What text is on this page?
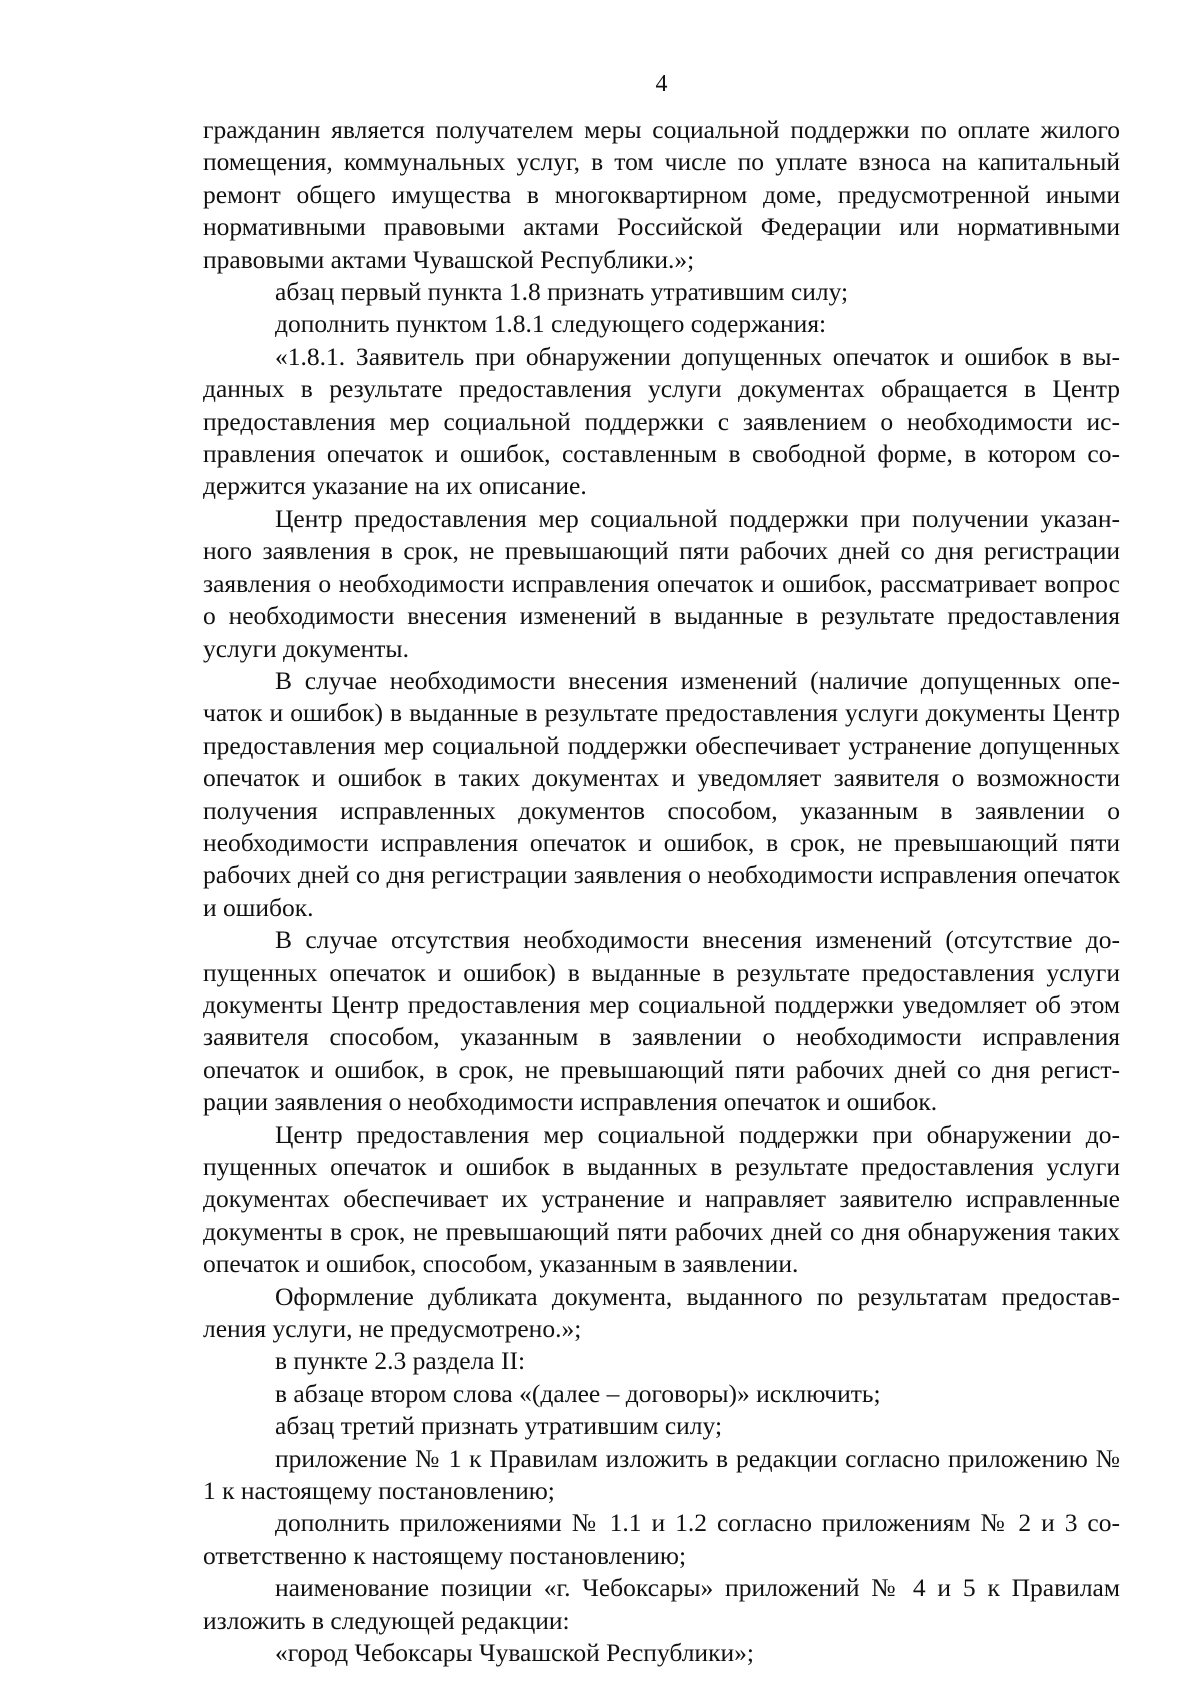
4

гражданин является получателем меры социальной поддержки по оплате жилого помещения, коммунальных услуг, в том числе по уплате взноса на капитальный ремонт общего имущества в многоквартирном доме, предусмотренной иными нормативными правовыми актами Российской Федерации или нормативными правовыми актами Чувашской Республики.»;

абзац первый пункта 1.8 признать утратившим силу;

дополнить пунктом 1.8.1 следующего содержания:

«1.8.1. Заявитель при обнаружении допущенных опечаток и ошибок в выданных в результате предоставления услуги документах обращается в Центр предоставления мер социальной поддержки с заявлением о необходимости исправления опечаток и ошибок, составленным в свободной форме, в котором содержится указание на их описание.

Центр предоставления мер социальной поддержки при получении указанного заявления в срок, не превышающий пяти рабочих дней со дня регистрации заявления о необходимости исправления опечаток и ошибок, рассматривает вопрос о необходимости внесения изменений в выданные в результате предоставления услуги документы.

В случае необходимости внесения изменений (наличие допущенных опечаток и ошибок) в выданные в результате предоставления услуги документы Центр предоставления мер социальной поддержки обеспечивает устранение допущенных опечаток и ошибок в таких документах и уведомляет заявителя о возможности получения исправленных документов способом, указанным в заявлении о необходимости исправления опечаток и ошибок, в срок, не превышающий пяти рабочих дней со дня регистрации заявления о необходимости исправления опечаток и ошибок.

В случае отсутствия необходимости внесения изменений (отсутствие допущенных опечаток и ошибок) в выданные в результате предоставления услуги документы Центр предоставления мер социальной поддержки уведомляет об этом заявителя способом, указанным в заявлении о необходимости исправления опечаток и ошибок, в срок, не превышающий пяти рабочих дней со дня регистрации заявления о необходимости исправления опечаток и ошибок.

Центр предоставления мер социальной поддержки при обнаружении допущенных опечаток и ошибок в выданных в результате предоставления услуги документах обеспечивает их устранение и направляет заявителю исправленные документы в срок, не превышающий пяти рабочих дней со дня обнаружения таких опечаток и ошибок, способом, указанным в заявлении.

Оформление дубликата документа, выданного по результатам предоставления услуги, не предусмотрено.»;

в пункте 2.3 раздела II:

в абзаце втором слова «(далее – договоры)» исключить;

абзац третий признать утратившим силу;

приложение № 1 к Правилам изложить в редакции согласно приложению № 1 к настоящему постановлению;

дополнить приложениями № 1.1 и 1.2 согласно приложениям № 2 и 3 соответственно к настоящему постановлению;

наименование позиции «г. Чебоксары» приложений № 4 и 5 к Правилам изложить в следующей редакции:

«город Чебоксары Чувашской Республики»;
